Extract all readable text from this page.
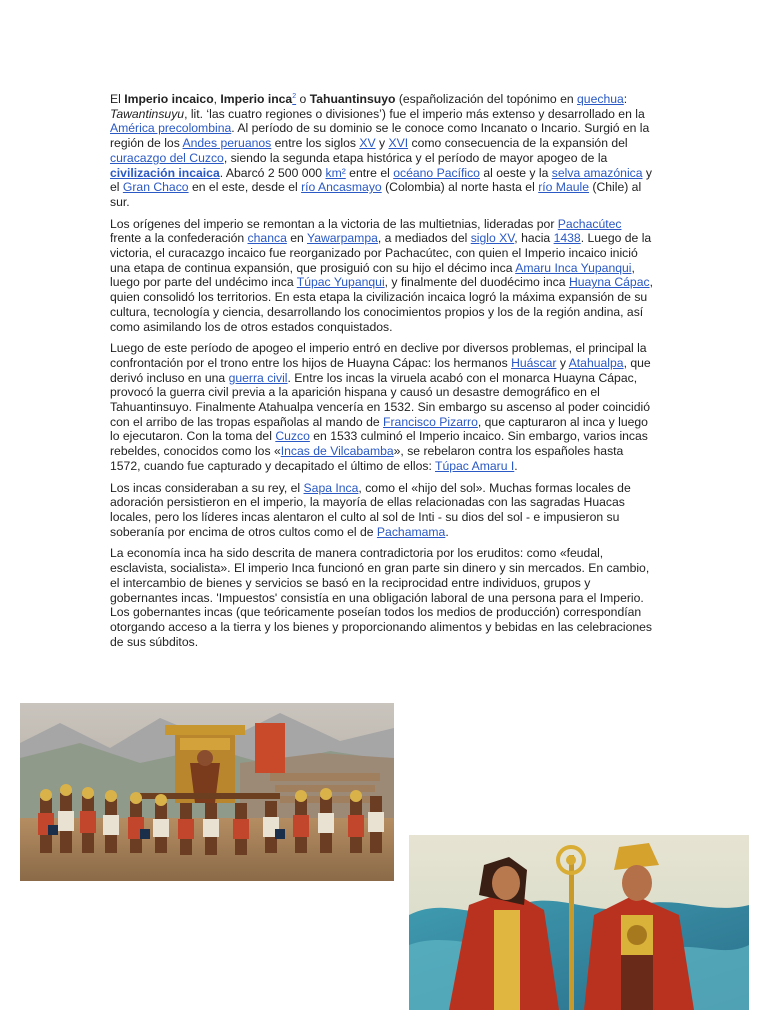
El Imperio incaico, Imperio inca$^2$ o Tahuantinsuyo (españolización del topónimo en quechua: Tawantinsuyu, lit. ‘las cuatro regiones o divisiones’) fue el imperio más extenso y desarrollado en la América precolombina. Al período de su dominio se le conoce como Incanato o Incario. Surgió en la región de los Andes peruanos entre los siglos XV y XVI como consecuencia de la expansión del curacazgo del Cuzco, siendo la segunda etapa histórica y el período de mayor apogeo de la civilización incaica. Abarcó 2 500 000 km² entre el océano Pacífico al oeste y la selva amazónica y el Gran Chaco en el este, desde el río Ancasmayo (Colombia) al norte hasta el río Maule (Chile) al sur.

Los orígenes del imperio se remontan a la victoria de las multietnias, lideradas por Pachacútec frente a la confederación chanca en Yawarpampa, a mediados del siglo XV, hacia 1438. Luego de la victoria, el curacazgo incaico fue reorganizado por Pachacútec, con quien el Imperio incaico inició una etapa de continua expansión, que prosiguió con su hijo el décimo inca Amaru Inca Yupanqui, luego por parte del undécimo inca Túpac Yupanqui, y finalmente del duodécimo inca Huayna Cápac, quien consolidó los territorios. En esta etapa la civilización incaica logró la máxima expansión de su cultura, tecnología y ciencia, desarrollando los conocimientos propios y los de la región andina, así como asimilando los de otros estados conquistados.

Luego de este período de apogeo el imperio entró en declive por diversos problemas, el principal la confrontación por el trono entre los hijos de Huayna Cápac: los hermanos Huáscar y Atahualpa, que derivó incluso en una guerra civil. Entre los incas la viruela acabó con el monarca Huayna Cápac, provocó la guerra civil previa a la aparición hispana y causó un desastre demográfico en el Tahuantinsuyo. Finalmente Atahualpa vencería en 1532. Sin embargo su ascenso al poder coincidió con el arribo de las tropas españolas al mando de Francisco Pizarro, que capturaron al inca y luego lo ejecutaron. Con la toma del Cuzco en 1533 culminó el Imperio incaico. Sin embargo, varios incas rebeldes, conocidos como los «Incas de Vilcabamba», se rebelaron contra los españoles hasta 1572, cuando fue capturado y decapitado el último de ellos: Túpac Amaru I.

Los incas consideraban a su rey, el Sapa Inca, como el «hijo del sol». Muchas formas locales de adoración persistieron en el imperio, la mayoría de ellas relacionadas con las sagradas Huacas locales, pero los líderes incas alentaron el culto al sol de Inti - su dios del sol - e impusieron su soberanía por encima de otros cultos como el de Pachamama.

La economía inca ha sido descrita de manera contradictoria por los eruditos: como «feudal, esclavista, socialista». El imperio Inca funcionó en gran parte sin dinero y sin mercados. En cambio, el intercambio de bienes y servicios se basó en la reciprocidad entre individuos, grupos y gobernantes incas. 'Impuestos' consistía en una obligación laboral de una persona para el Imperio. Los gobernantes incas (que teóricamente poseían todos los medios de producción) correspondían otorgando acceso a la tierra y los bienes y proporcionando alimentos y bebidas en las celebraciones de sus súbditos.
